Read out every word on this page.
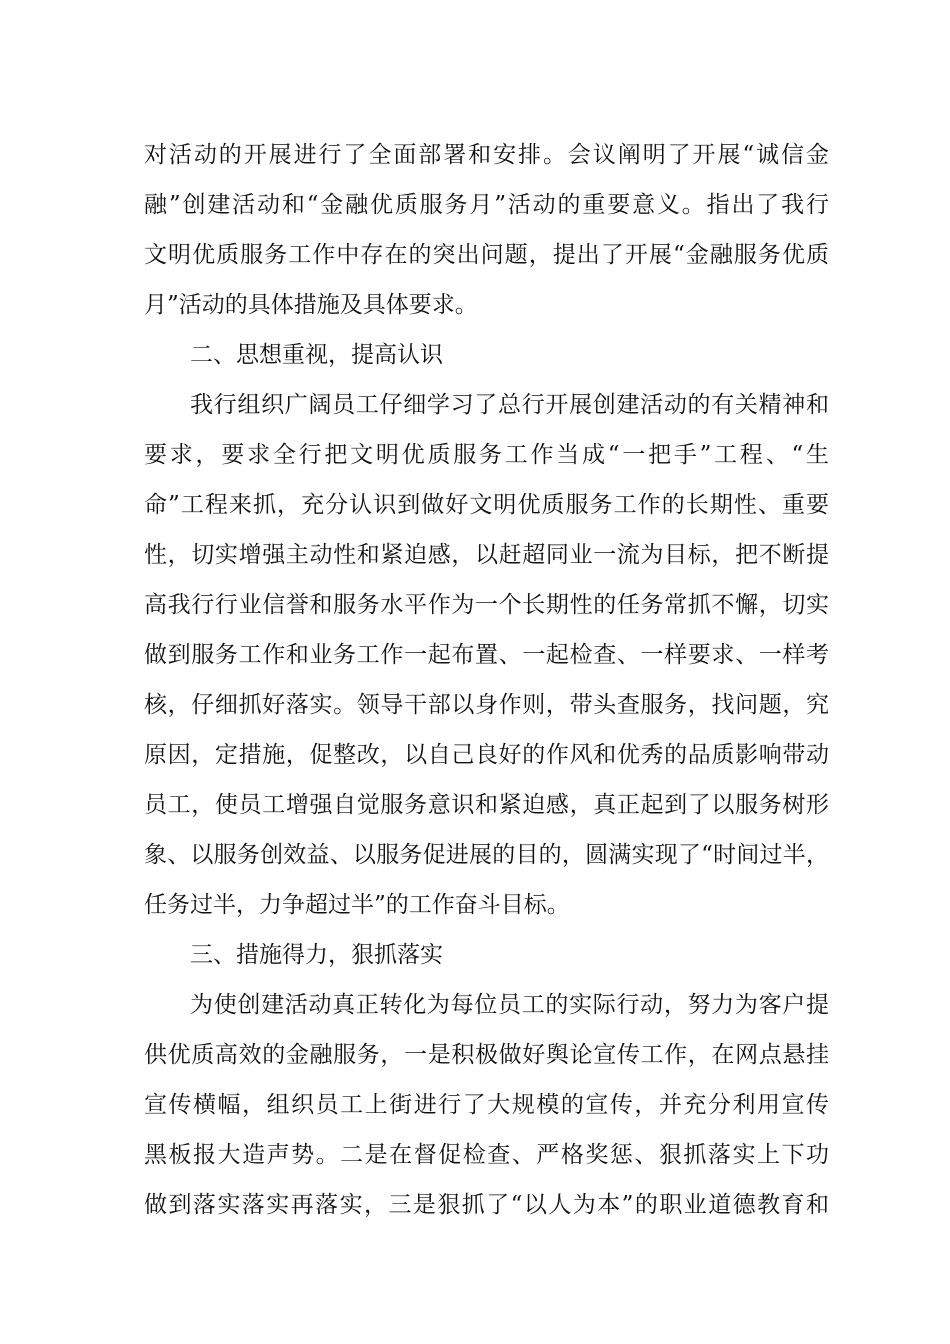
对活动的开展进行了全面部署和安排。会议阐明了开展“诚信金
融”创建活动和“金融优质服务月”活动的重要意义。指出了我行
文明优质服务工作中存在的突出问题，提出了开展“金融服务优质
月”活动的具体措施及具体要求。
二、思想重视，提高认识
我行组织广阔员工仔细学习了总行开展创建活动的有关精神和
要求，要求全行把文明优质服务工作当成“一把手”工程、“生
命”工程来抓，充分认识到做好文明优质服务工作的长期性、重要
性，切实增强主动性和紧迫感，以赶超同业一流为目标，把不断提
高我行行业信誉和服务水平作为一个长期性的任务常抓不懈，切实
做到服务工作和业务工作一起布置、一起检查、一样要求、一样考
核，仔细抓好落实。领导干部以身作则，带头查服务，找问题，究
原因，定措施，促整改，以自己良好的作风和优秀的品质影响带动
员工，使员工增强自觉服务意识和紧迫感，真正起到了以服务树形
象、以服务创效益、以服务促进展的目的，圆满实现了“时间过半，
任务过半，力争超过半”的工作奋斗目标。
三、措施得力，狠抓落实
为使创建活动真正转化为每位员工的实际行动，努力为客户提
供优质高效的金融服务，一是积极做好舆论宣传工作，在网点悬挂
宣传横幅，组织员工上街进行了大规模的宣传，并充分利用宣传
黑板报大造声势。二是在督促检查、严格奖惩、狠抓落实上下功
做到落实落实再落实，三是狠抓了“以人为本”的职业道德教育和
